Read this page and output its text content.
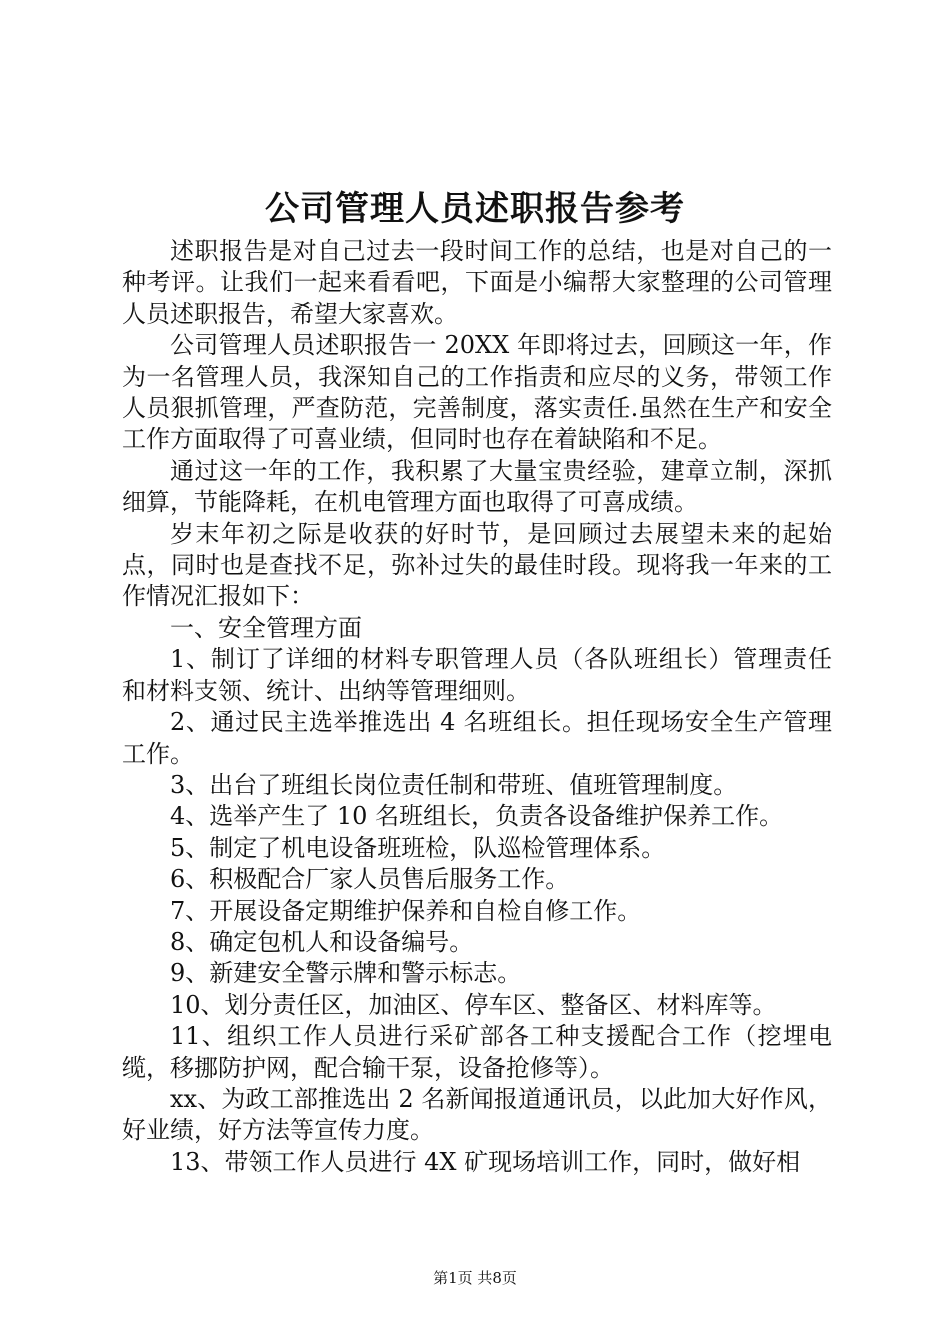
公司管理人员述职报告参考

述职报告是对自己过去一段时间工作的总结，也是对自己的一种考评。让我们一起来看看吧，下面是小编帮大家整理的公司管理人员述职报告，希望大家喜欢。

公司管理人员述职报告一 20XX 年即将过去，回顾这一年，作为一名管理人员，我深知自己的工作指责和应尽的义务，带领工作人员狠抓管理，严查防范，完善制度，落实责任.虽然在生产和安全工作方面取得了可喜业绩，但同时也存在着缺陷和不足。

通过这一年的工作，我积累了大量宝贵经验，建章立制，深抓细算，节能降耗，在机电管理方面也取得了可喜成绩。

岁末年初之际是收获的好时节，是回顾过去展望未来的起始点，同时也是查找不足，弥补过失的最佳时段。现将我一年来的工作情况汇报如下：

一、安全管理方面

1、制订了详细的材料专职管理人员（各队班组长）管理责任和材料支领、统计、出纳等管理细则。

2、通过民主选举推选出 4 名班组长。担任现场安全生产管理工作。

3、出台了班组长岗位责任制和带班、值班管理制度。

4、选举产生了 10 名班组长，负责各设备维护保养工作。

5、制定了机电设备班班检，队巡检管理体系。

6、积极配合厂家人员售后服务工作。

7、开展设备定期维护保养和自检自修工作。

8、确定包机人和设备编号。

9、新建安全警示牌和警示标志。

10、划分责任区，加油区、停车区、整备区、材料库等。

11、组织工作人员进行采矿部各工种支援配合工作（挖埋电缆，移挪防护网，配合输干泵，设备抢修等）。

xx、为政工部推选出 2 名新闻报道通讯员，以此加大好作风，好业绩，好方法等宣传力度。

13、带领工作人员进行 4X 矿现场培训工作，同时，做好相

第1页 共8页
